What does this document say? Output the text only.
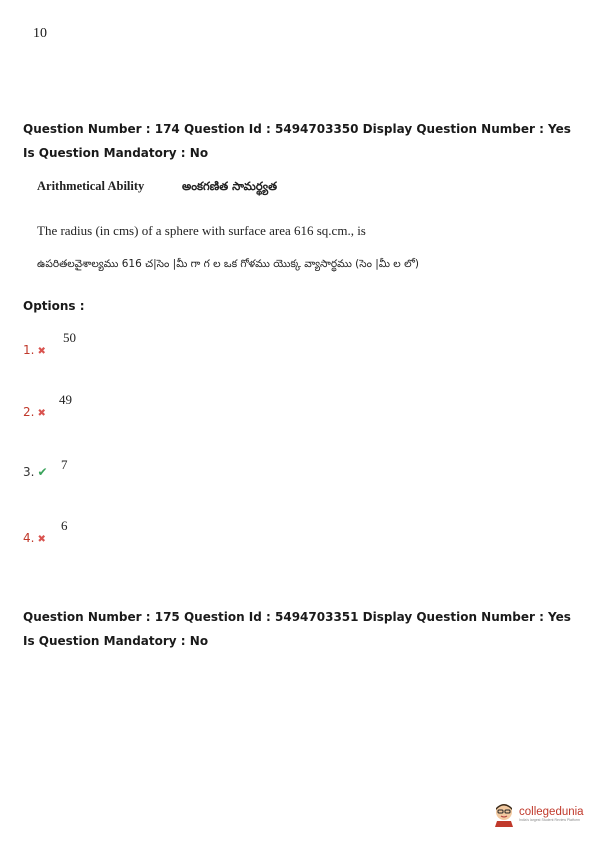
10
Question Number : 174 Question Id : 5494703350 Display Question Number : Yes Is Question Mandatory : No
Arithmetical Ability	అంకగణిత సామర్థ్యత
The radius (in cms) of a sphere with surface area 616 sq.cm., is
ఉపరితలవైశాల్యము 616 చ|సెం |మీ గా గ ల ఒక గోళము యొక్క వ్యాసార్థము (సెం |మీ ల లో)
Options :
1. ✖
50
2. ✖
49
3. ✔ 7
4. ✖
6
Question Number : 175 Question Id : 5494703351 Display Question Number : Yes Is Question Mandatory : No
collegedunia
India's largest Student Review Platform
